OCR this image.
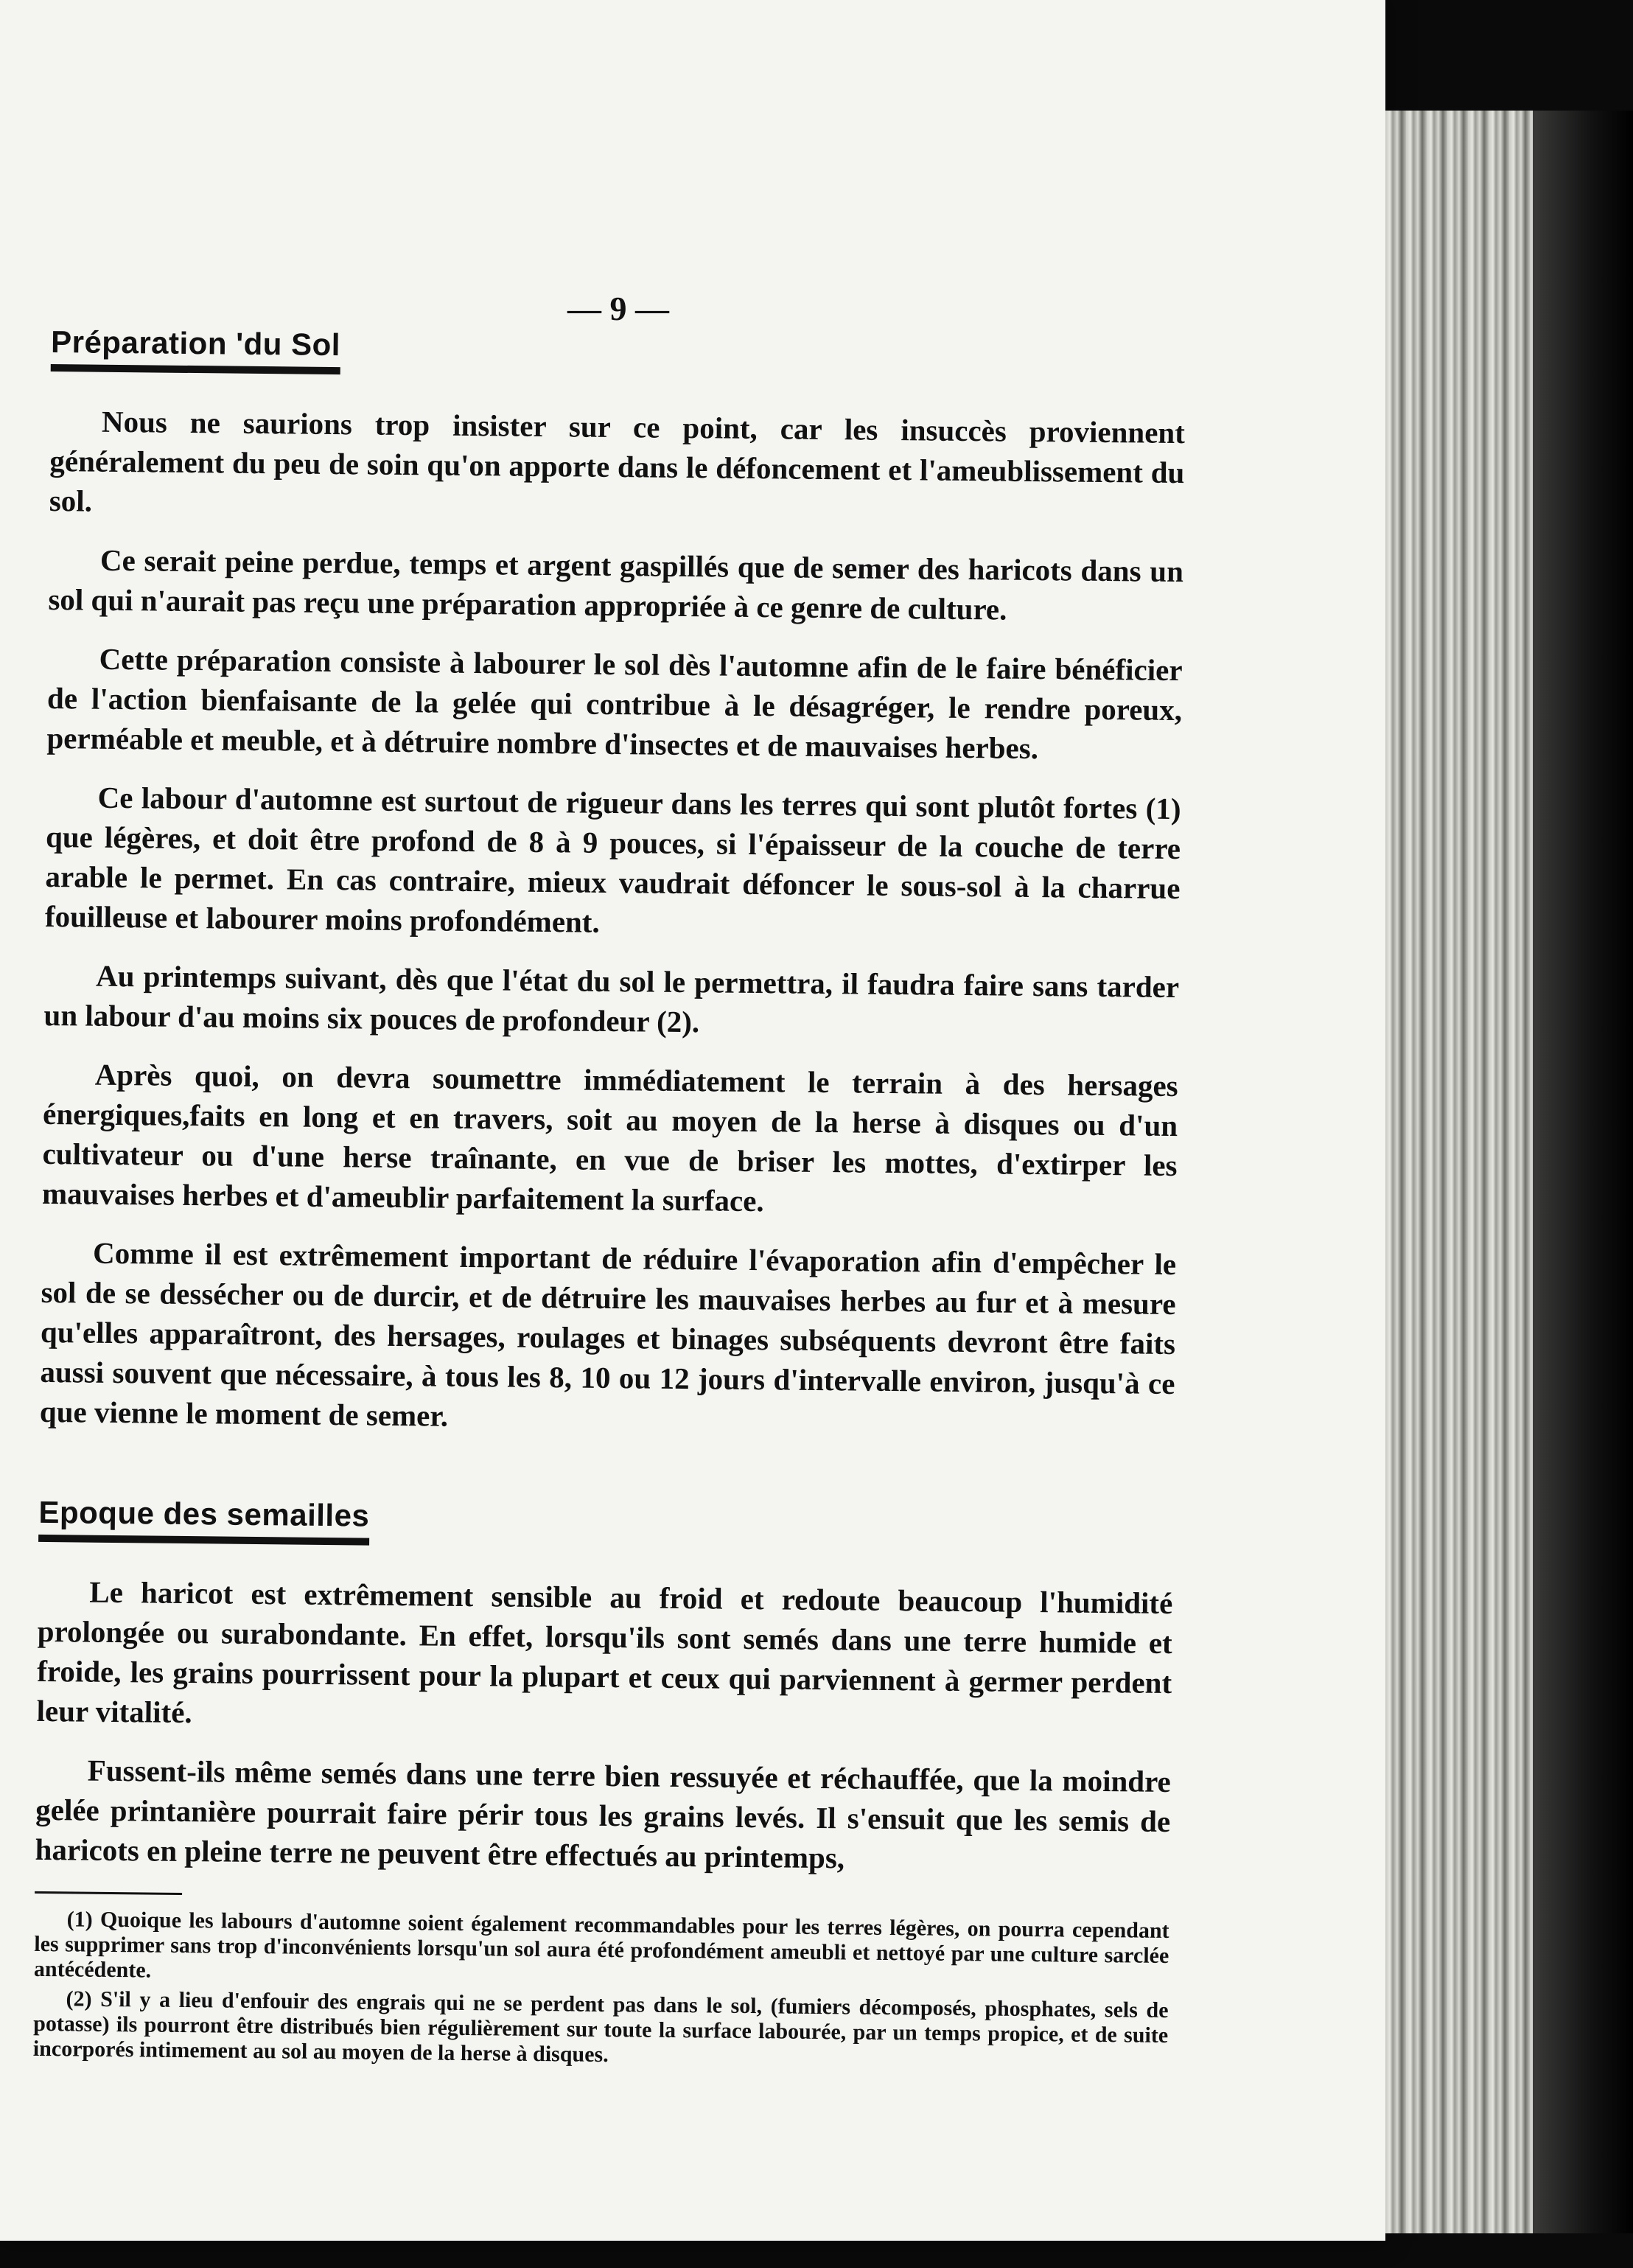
— 9 —
Préparation 'du Sol

Nous ne saurions trop insister sur ce point, car les insuccès proviennent généralement du peu de soin qu'on apporte dans le défoncement et l'ameublissement du sol.

Ce serait peine perdue, temps et argent gaspillés que de semer des haricots dans un sol qui n'aurait pas reçu une préparation appropriée à ce genre de culture.

Cette préparation consiste à labourer le sol dès l'automne afin de le faire bénéficier de l'action bienfaisante de la gelée qui contribue à le désagréger, le rendre poreux, perméable et meuble, et à détruire nombre d'insectes et de mauvaises herbes.

Ce labour d'automne est surtout de rigueur dans les terres qui sont plutôt fortes (1) que légères, et doit être profond de 8 à 9 pouces, si l'épaisseur de la couche de terre arable le permet. En cas contraire, mieux vaudrait défoncer le sous-sol à la charrue fouilleuse et labourer moins profondément.

Au printemps suivant, dès que l'état du sol le permettra, il faudra faire sans tarder un labour d'au moins six pouces de profondeur (2).

Après quoi, on devra soumettre immédiatement le terrain à des hersages énergiques,faits en long et en travers, soit au moyen de la herse à disques ou d'un cultivateur ou d'une herse traînante, en vue de briser les mottes, d'extirper les mauvaises herbes et d'ameublir parfaitement la surface.

Comme il est extrêmement important de réduire l'évaporation afin d'empêcher le sol de se dessécher ou de durcir, et de détruire les mauvaises herbes au fur et à mesure qu'elles apparaîtront, des hersages, roulages et binages subséquents devront être faits aussi souvent que nécessaire, à tous les 8, 10 ou 12 jours d'intervalle environ, jusqu'à ce que vienne le moment de semer.

Epoque des semailles

Le haricot est extrêmement sensible au froid et redoute beaucoup l'humidité prolongée ou surabondante. En effet, lorsqu'ils sont semés dans une terre humide et froide, les grains pourrissent pour la plupart et ceux qui parviennent à germer perdent leur vitalité.

Fussent-ils même semés dans une terre bien ressuyée et réchauffée, que la moindre gelée printanière pourrait faire périr tous les grains levés. Il s'ensuit que les semis de haricots en pleine terre ne peuvent être effectués au printemps,

(1) Quoique les labours d'automne soient également recommandables pour les terres légères, on pourra cependant les supprimer sans trop d'inconvénients lorsqu'un sol aura été profondément ameubli et nettoyé par une culture sarclée antécédente.

(2) S'il y a lieu d'enfouir des engrais qui ne se perdent pas dans le sol, (fumiers décomposés, phosphates, sels de potasse) ils pourront être distribués bien régulièrement sur toute la surface labourée, par un temps propice, et de suite incorporés intimement au sol au moyen de la herse à disques.
